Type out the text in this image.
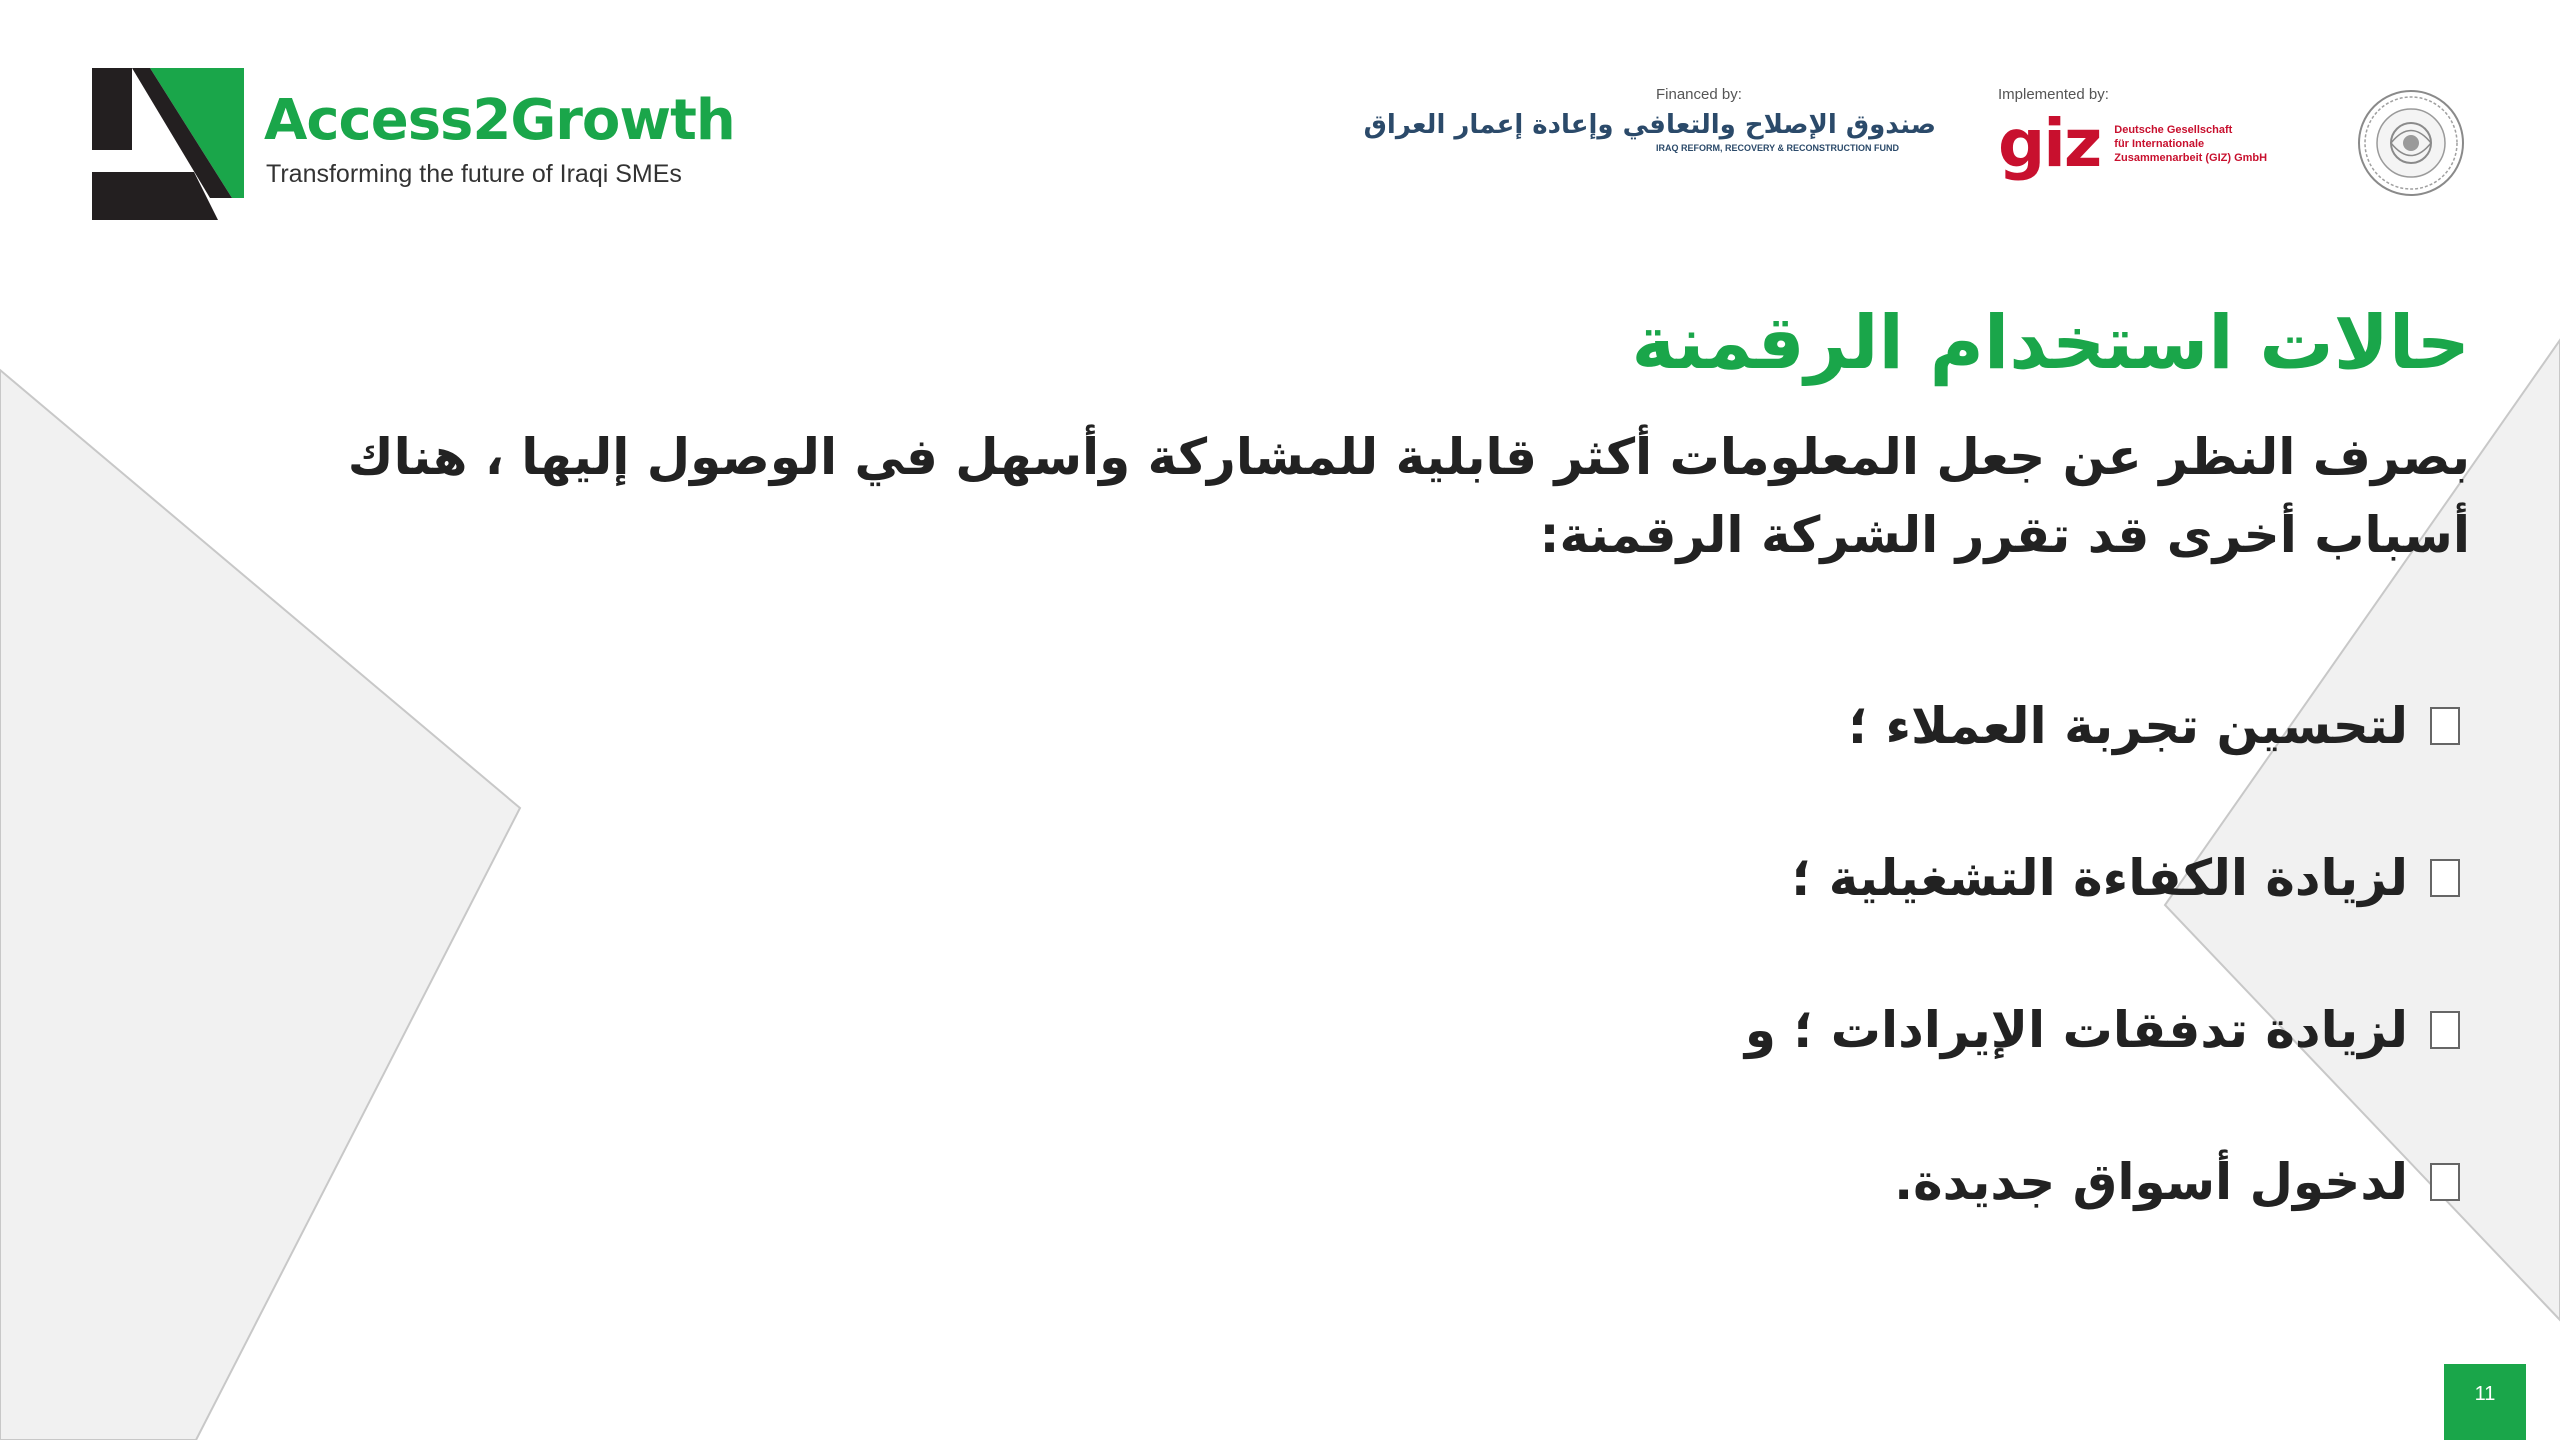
Access2Growth
Transforming the future of Iraqi SMEs
Financed by:
صندوق الإصلاح والتعافي وإعادة إعمار العراق
IRAQ REFORM, RECOVERY & RECONSTRUCTION FUND
Implemented by:
giz Deutsche Gesellschaft
für Internationale
Zusammenarbeit (GIZ) GmbH
حالات استخدام الرقمنة
بصرف النظر عن جعل المعلومات أكثر قابلية للمشاركة وأسهل في الوصول إليها ، هناك أسباب أخرى قد تقرر الشركة الرقمنة:
لتحسين تجربة العملاء ؛
لزيادة الكفاءة التشغيلية ؛
لزيادة تدفقات الإيرادات ؛ و
لدخول أسواق جديدة.
11
